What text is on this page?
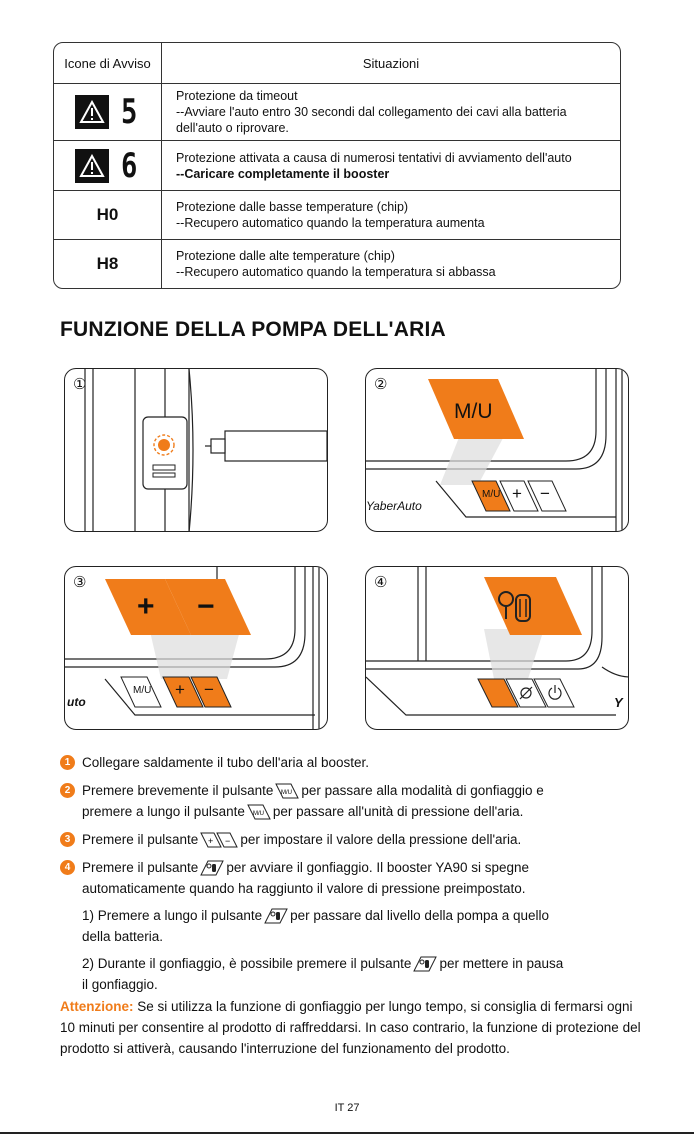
Icone di Avviso	Situazioni
5	Protezione da timeout
--Avviare l'auto entro 30 secondi dal collegamento dei cavi alla batteria dell'auto o riprovare.
6	Protezione attivata a causa di numerosi tentativi di avviamento dell'auto
--Caricare completamente il booster
H0	Protezione dalle basse temperature (chip)
--Recupero automatico quando la temperatura aumenta
H8	Protezione dalle alte temperature (chip)
--Recupero automatico quando la temperatura si abbassa
FUNZIONE DELLA POMPA DELL'ARIA
①	②
M/U
M/U + −
YaberAuto
③
+ −
M/U + −
uto
④
Y
1 Collegare saldamente il tubo dell'aria al booster.
2 Premere brevemente il pulsante M/U per passare alla modalità di gonfiaggio e
premere a lungo il pulsante M/U per passare all'unità di pressione dell'aria.
3 Premere il pulsante + − per impostare il valore della pressione dell'aria.
4 Premere il pulsante per avviare il gonfiaggio. Il booster YA90 si spegne
automaticamente quando ha raggiunto il valore di pressione preimpostato.
1) Premere a lungo il pulsante per passare dal livello della pompa a quello
della batteria.
2) Durante il gonfiaggio, è possibile premere il pulsante per mettere in pausa
il gonfiaggio.
Attenzione: Se si utilizza la funzione di gonfiaggio per lungo tempo, si consiglia di fermarsi ogni 10 minuti per consentire al prodotto di raffreddarsi. In caso contrario, la funzione di protezione del prodotto si attiverà, causando l'interruzione del funzionamento del prodotto.
IT 27
